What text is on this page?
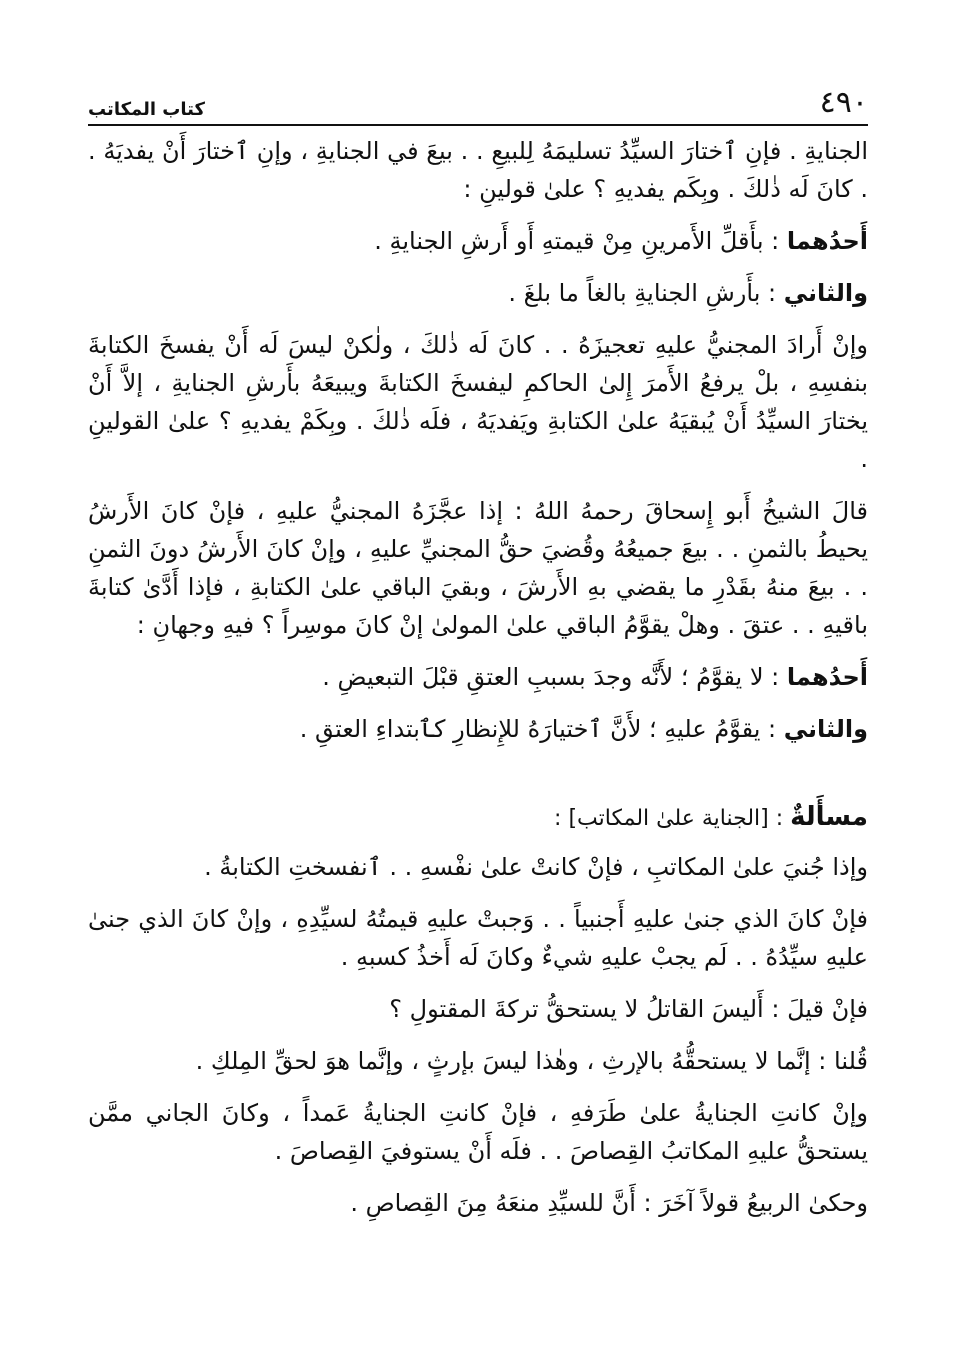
كتاب المكاتب	٤٩٠

الجنايةِ . فإنِ ٱختارَ السيِّدُ تسليمَهُ لِلبيعِ . . بيعَ في الجنايةِ ، وإنِ ٱختارَ أَنْ يفديَهُ . . كانَ لَه ذٰلكَ . وبِكَم يفديهِ ؟ علىٰ قولينِ :

أَحدُهما : بأَقلِّ الأَمرينِ مِنْ قيمتهِ أَو أَرشِ الجنايةِ .

والثاني : بأَرشِ الجنايةِ بالغاً ما بلغَ .

وإنْ أَرادَ المجنيُّ عليهِ تعجيزَهُ . . كانَ لَه ذٰلكَ ، ولٰكنْ ليسَ لَه أَنْ يفسخَ الكتابةَ بنفسِهِ ، بلْ يرفعُ الأَمرَ إِلىٰ الحاكمِ ليفسخَ الكتابةَ ويبيعَهُ بأَرشِ الجنايةِ ، إلاَّ أَنْ يختارَ السيِّدُ أَنْ يُبقيَهُ علىٰ الكتابةِ ويَفديَهُ ، فلَه ذٰلكَ . وبِكَمْ يفديهِ ؟ علىٰ القولينِ .

قالَ الشيخُ أَبو إِسحاقَ رحمهُ اللهُ : إذا عجَّزَهُ المجنيُّ عليهِ ، فإنْ كانَ الأَرشُ يحيطُ بالثمنِ . . بيعَ جميعُهُ وقُضيَ حقُّ المجنيِّ عليهِ ، وإنْ كانَ الأَرشُ دونَ الثمنِ . . بيعَ منهُ بقَدْرِ ما يقضي بهِ الأَرشَ ، وبقيَ الباقي علىٰ الكتابةِ ، فإذا أَدَّىٰ كتابةَ باقيهِ . . عتقَ . وهلْ يقوَّمُ الباقي علىٰ المولىٰ إنْ كانَ موسِراً ؟ فيهِ وجهانِ :

أَحدُهما : لا يقوَّمُ ؛ لأَنَّه وجدَ بسببِ العتقِ قبْلَ التبعيضِ .

والثاني : يقوَّمُ عليهِ ؛ لأَنَّ ٱختيارَهُ للإِنظارِ كٱبتداءِ العتقِ .

مسأَلةٌ : [الجناية علىٰ المكاتب] :

وإذا جُنيَ علىٰ المكاتبِ ، فإنْ كانتْ علىٰ نفْسهِ . . ٱنفسختِ الكتابةُ .

فإنْ كانَ الذي جنىٰ عليهِ أَجنبياً . . وَجبتْ عليهِ قيمتُهُ لسيِّدِهِ ، وإنْ كانَ الذي جنىٰ عليهِ سيِّدُهُ . . لَم يجبْ عليهِ شيءٌ وكانَ لَه أَخذُ كسبهِ .

فإنْ قيلَ : أَليسَ القاتلُ لا يستحقُّ تركةَ المقتولِ ؟

قُلنا : إنَّما لا يستحقُّهُ بالإرثِ ، وهٰذا ليسَ بإرثٍ ، وإنَّما هوَ لحقِّ المِلكِ .

وإنْ كانتِ الجنايةُ علىٰ طَرَفهِ ، فإنْ كانتِ الجنايةُ عَمداً ، وكانَ الجاني ممَّن يستحقُّ عليهِ المكاتبُ القِصاصَ . . فلَه أَنْ يستوفيَ القِصاصَ .

وحكىٰ الربيعُ قولاً آخَرَ : أَنَّ للسيِّدِ منعَهُ مِنَ القِصاصِ .
